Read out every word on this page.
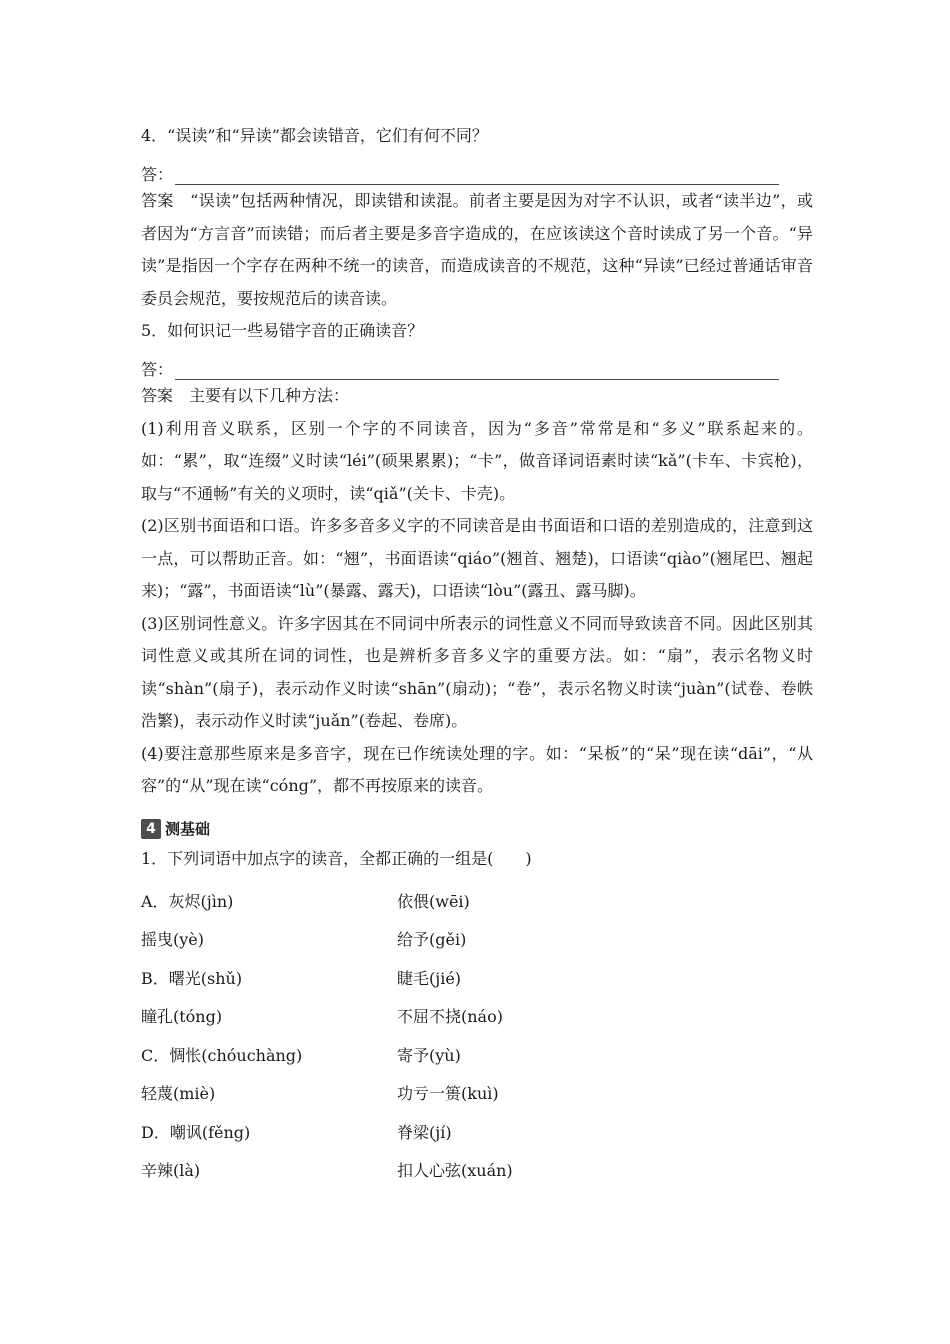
4．“误读”和“异读”都会读错音，它们有何不同？
答：

答案　“误读”包括两种情况，即读错和读混。前者主要是因为对字不认识，或者“读半边”，或者因为“方言音”而读错；而后者主要是多音字造成的，在应该读这个音时读成了另一个音。“异读”是指因一个字存在两种不统一的读音，而造成读音的不规范，这种“异读”已经过普通话审音委员会规范，要按规范后的读音读。

5．如何识记一些易错字音的正确读音？
答：
答案　主要有以下几种方法：

(1)利用音义联系，区别一个字的不同读音，因为“多音”常常是和“多义”联系起来的。如：“累”，取“连缀”义时读“léi”(硕果累累)；“卡”，做音译词语素时读“kǎ”(卡车、卡宾枪)，取与“不通畅”有关的义项时，读“qiǎ”(关卡、卡壳)。

(2)区别书面语和口语。许多多音多义字的不同读音是由书面语和口语的差别造成的，注意到这一点，可以帮助正音。如：“翘”，书面语读“qiáo”(翘首、翘楚)，口语读“qiào”(翘尾巴、翘起来)；“露”，书面语读“lù”(暴露、露天)，口语读“lòu”(露丑、露马脚)。

(3)区别词性意义。许多字因其在不同词中所表示的词性意义不同而导致读音不同。因此区别其词性意义或其所在词的词性，也是辨析多音多义字的重要方法。如：“扇”，表示名物义时读“shàn”(扇子)，表示动作义时读“shān”(扇动)；“卷”，表示名物义时读“juàn”(试卷、卷帙浩繁)，表示动作义时读“juǎn”(卷起、卷席)。

(4)要注意那些原来是多音字，现在已作统读处理的字。如：“呆板”的“呆”现在读“dāi”，“从容”的“从”现在读“cóng”，都不再按原来的读音。

4 测基础
1．下列词语中加点字的读音，全都正确的一组是(　　)
A．灰烬(jìn)	依偎(wēi)
摇曳(yè)	给予(gěi)
B．曙光(shǔ)	睫毛(jié)
瞳孔(tóng)	不屈不挠(náo)
C．惆怅(chóuchàng)	寄予(yù)
轻蔑(miè)	功亏一篑(kuì)
D．嘲讽(fěng)	脊梁(jí)
辛辣(là)	扣人心弦(xuán)
